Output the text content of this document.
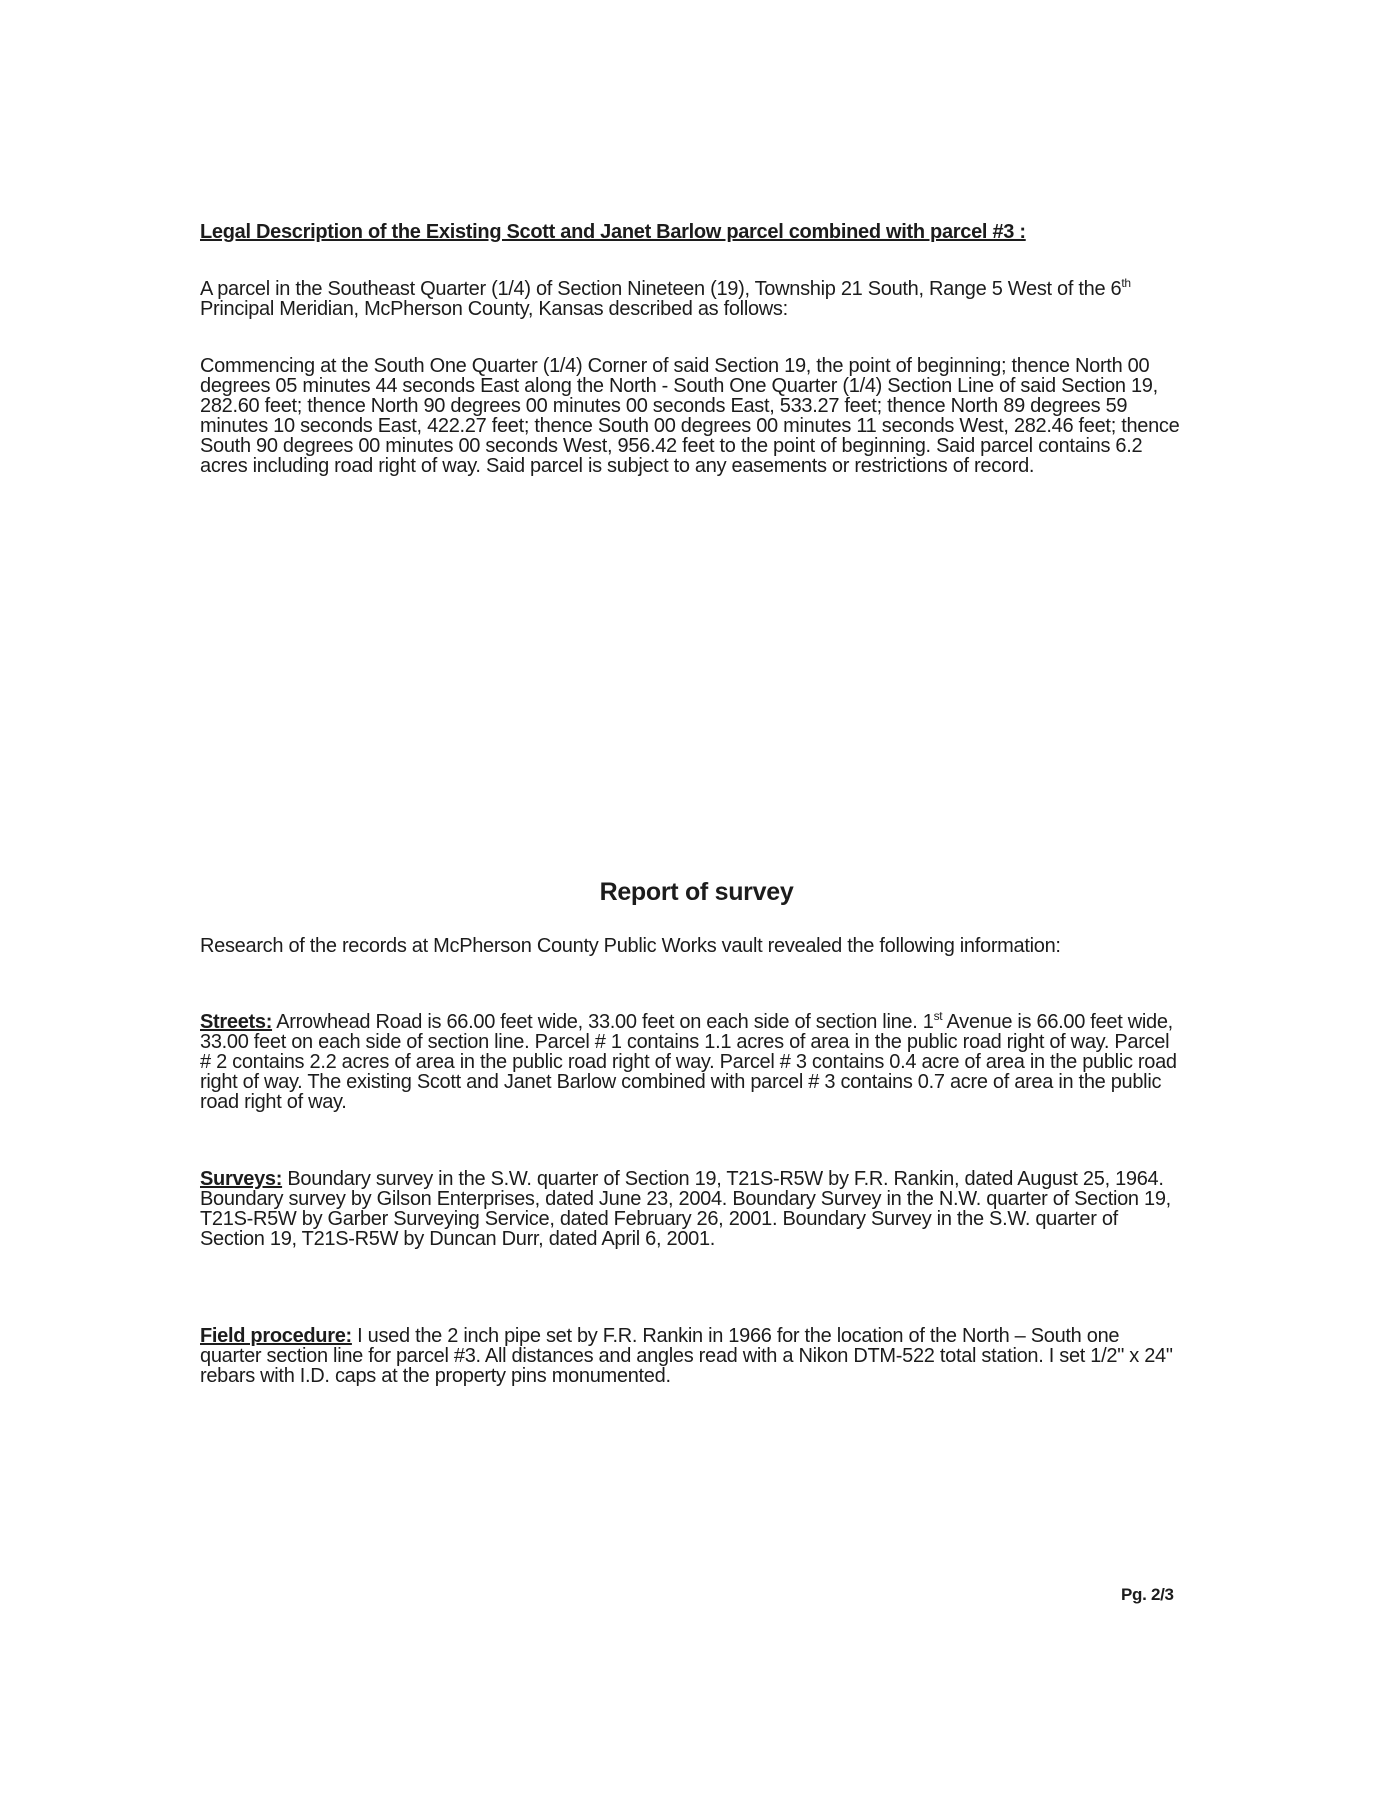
Legal Description of the Existing Scott and Janet Barlow parcel combined with parcel #3 :

A parcel in the Southeast Quarter (1/4) of Section Nineteen (19), Township 21 South, Range 5 West of the 6th Principal Meridian, McPherson County, Kansas described as follows:

Commencing at the South One Quarter (1/4) Corner of said Section 19, the point of beginning; thence North 00 degrees 05 minutes 44 seconds East along the North - South One Quarter (1/4) Section Line of said Section 19, 282.60 feet; thence North 90 degrees 00 minutes 00 seconds East, 533.27 feet; thence North 89 degrees 59 minutes 10 seconds East, 422.27 feet; thence South 00 degrees 00 minutes 11 seconds West, 282.46 feet; thence South 90 degrees 00 minutes 00 seconds West, 956.42 feet to the point of beginning. Said parcel contains 6.2 acres including road right of way. Said parcel is subject to any easements or restrictions of record.

Report of survey

Research of the records at McPherson County Public Works vault revealed the following information:

Streets: Arrowhead Road is 66.00 feet wide, 33.00 feet on each side of section line. 1st Avenue is 66.00 feet wide, 33.00 feet on each side of section line. Parcel # 1 contains 1.1 acres of area in the public road right of way. Parcel # 2 contains 2.2 acres of area in the public road right of way. Parcel # 3 contains 0.4 acre of area in the public road right of way. The existing Scott and Janet Barlow combined with parcel # 3 contains 0.7 acre of area in the public road right of way.

Surveys: Boundary survey in the S.W. quarter of Section 19, T21S-R5W by F.R. Rankin, dated August 25, 1964. Boundary survey by Gilson Enterprises, dated June 23, 2004. Boundary Survey in the N.W. quarter of Section 19, T21S-R5W by Garber Surveying Service, dated February 26, 2001. Boundary Survey in the S.W. quarter of Section 19, T21S-R5W by Duncan Durr, dated April 6, 2001.

Field procedure: I used the 2 inch pipe set by F.R. Rankin in 1966 for the location of the North – South one quarter section line for parcel #3. All distances and angles read with a Nikon DTM-522 total station. I set 1/2" x 24" rebars with I.D. caps at the property pins monumented.

Pg. 2/3
